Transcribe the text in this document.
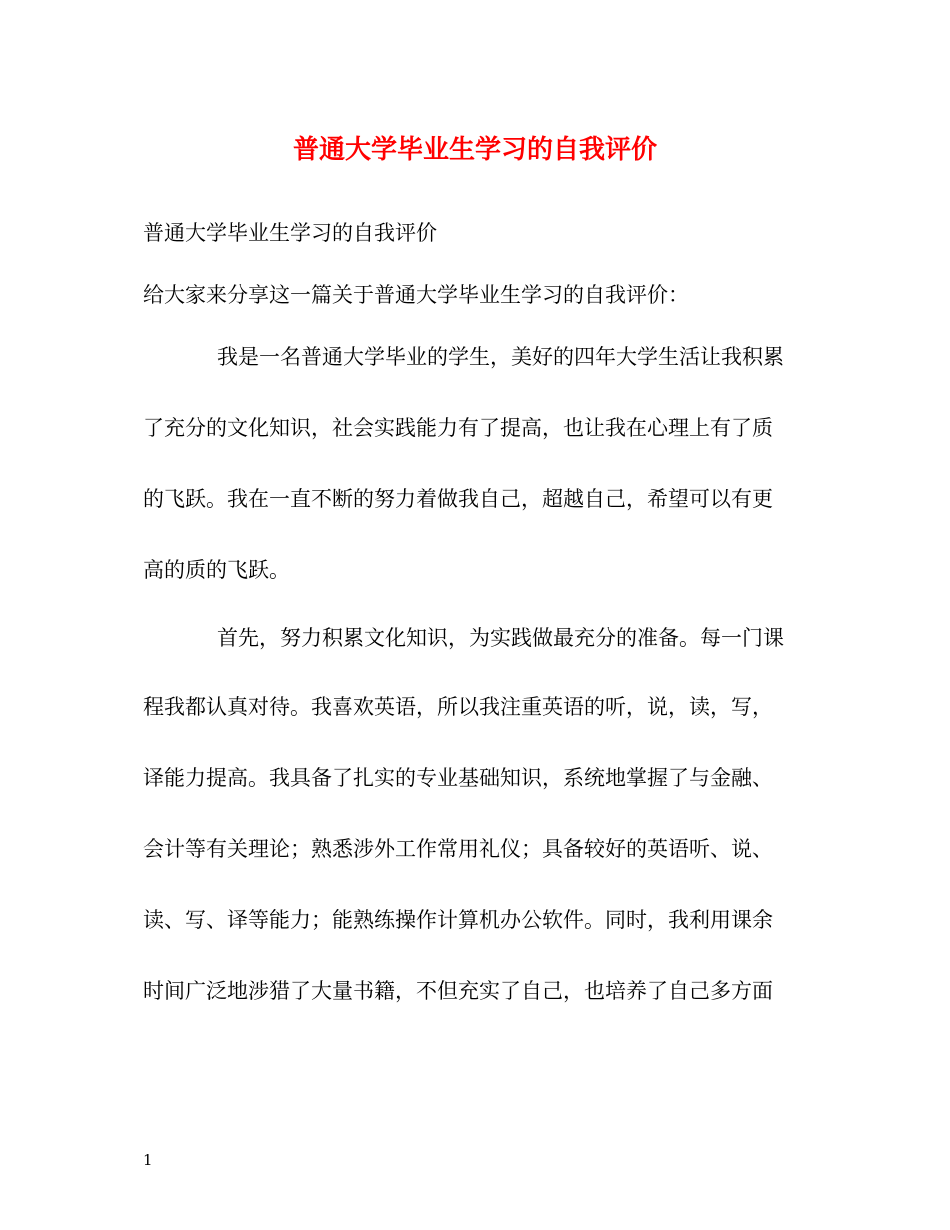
普通大学毕业生学习的自我评价
普通大学毕业生学习的自我评价
给大家来分享这一篇关于普通大学毕业生学习的自我评价：
我是一名普通大学毕业的学生，美好的四年大学生活让我积累
了充分的文化知识，社会实践能力有了提高，也让我在心理上有了质
的飞跃。我在一直不断的努力着做我自己，超越自己，希望可以有更
高的质的飞跃。
首先，努力积累文化知识，为实践做最充分的准备。每一门课
程我都认真对待。我喜欢英语，所以我注重英语的听，说，读，写，
译能力提高。我具备了扎实的专业基础知识，系统地掌握了与金融、
会计等有关理论；熟悉涉外工作常用礼仪；具备较好的英语听、说、
读、写、译等能力；能熟练操作计算机办公软件。同时，我利用课余
时间广泛地涉猎了大量书籍，不但充实了自己，也培养了自己多方面
1
